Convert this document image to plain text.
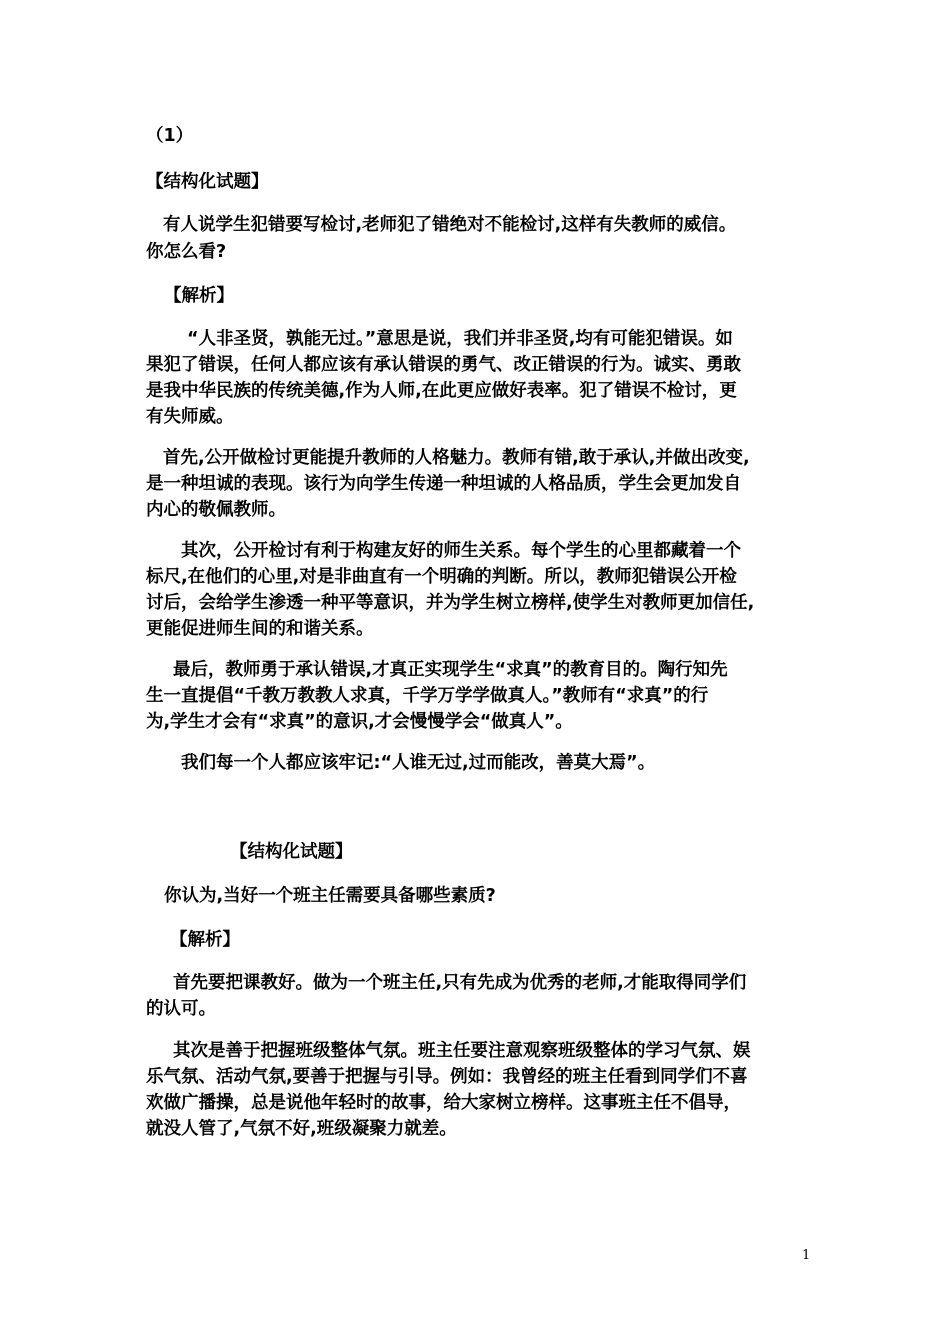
（1）
【结构化试题】
有人说学生犯错要写检讨,老师犯了错绝对不能检讨,这样有失教师的威信。
你怎么看?
【解析】
“人非圣贤，孰能无过。”意思是说，我们并非圣贤,均有可能犯错误。如
果犯了错误，任何人都应该有承认错误的勇气、改正错误的行为。诚实、勇敢
是我中华民族的传统美德,作为人师,在此更应做好表率。犯了错误不检讨，更
有失师威。
首先,公开做检讨更能提升教师的人格魅力。教师有错,敢于承认,并做出改变,
是一种坦诚的表现。该行为向学生传递一种坦诚的人格品质，学生会更加发自
内心的敬佩教师。
其次，公开检讨有利于构建友好的师生关系。每个学生的心里都藏着一个
标尺,在他们的心里,对是非曲直有一个明确的判断。所以，教师犯错误公开检
讨后，会给学生渗透一种平等意识，并为学生树立榜样,使学生对教师更加信任,
更能促进师生间的和谐关系。
最后，教师勇于承认错误,才真正实现学生“求真”的教育目的。陶行知先
生一直提倡“千教万教教人求真，千学万学学做真人。”教师有“求真”的行
为,学生才会有“求真”的意识,才会慢慢学会“做真人”。
我们每一个人都应该牢记:“人谁无过,过而能改，善莫大焉”。
【结构化试题】
你认为,当好一个班主任需要具备哪些素质?
【解析】
首先要把课教好。做为一个班主任,只有先成为优秀的老师,才能取得同学们
的认可。
其次是善于把握班级整体气氛。班主任要注意观察班级整体的学习气氛、娱
乐气氛、活动气氛,要善于把握与引导。例如：我曾经的班主任看到同学们不喜
欢做广播操，总是说他年轻时的故事，给大家树立榜样。这事班主任不倡导，
就没人管了,气氛不好,班级凝聚力就差。
1
